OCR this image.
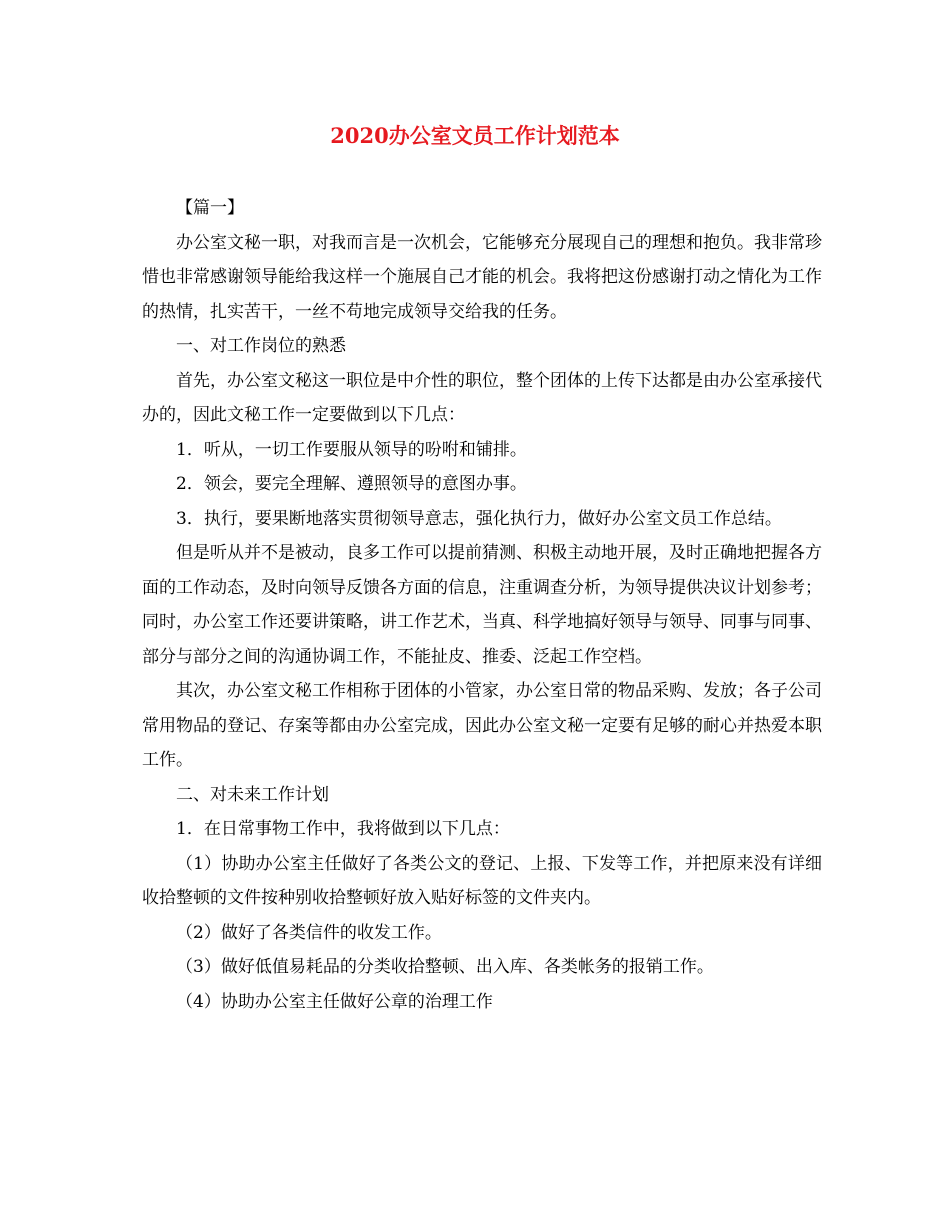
2020办公室文员工作计划范本

【篇一】

办公室文秘一职，对我而言是一次机会，它能够充分展现自己的理想和抱负。我非常珍惜也非常感谢领导能给我这样一个施展自己才能的机会。我将把这份感谢打动之情化为工作的热情，扎实苦干，一丝不苟地完成领导交给我的任务。

一、对工作岗位的熟悉

首先，办公室文秘这一职位是中介性的职位，整个团体的上传下达都是由办公室承接代办的，因此文秘工作一定要做到以下几点：

1．听从，一切工作要服从领导的吩咐和铺排。

2．领会，要完全理解、遵照领导的意图办事。

3．执行，要果断地落实贯彻领导意志，强化执行力，做好办公室文员工作总结。

但是听从并不是被动，良多工作可以提前猜测、积极主动地开展，及时正确地把握各方面的工作动态，及时向领导反馈各方面的信息，注重调查分析，为领导提供决议计划参考；同时，办公室工作还要讲策略，讲工作艺术，当真、科学地搞好领导与领导、同事与同事、部分与部分之间的沟通协调工作，不能扯皮、推委、泛起工作空档。

其次，办公室文秘工作相称于团体的小管家，办公室日常的物品采购、发放；各子公司常用物品的登记、存案等都由办公室完成，因此办公室文秘一定要有足够的耐心并热爱本职工作。

二、对未来工作计划

1．在日常事物工作中，我将做到以下几点：

（1）协助办公室主任做好了各类公文的登记、上报、下发等工作，并把原来没有详细收拾整顿的文件按种别收拾整顿好放入贴好标签的文件夹内。

（2）做好了各类信件的收发工作。

（3）做好低值易耗品的分类收拾整顿、出入库、各类帐务的报销工作。

（4）协助办公室主任做好公章的治理工作
